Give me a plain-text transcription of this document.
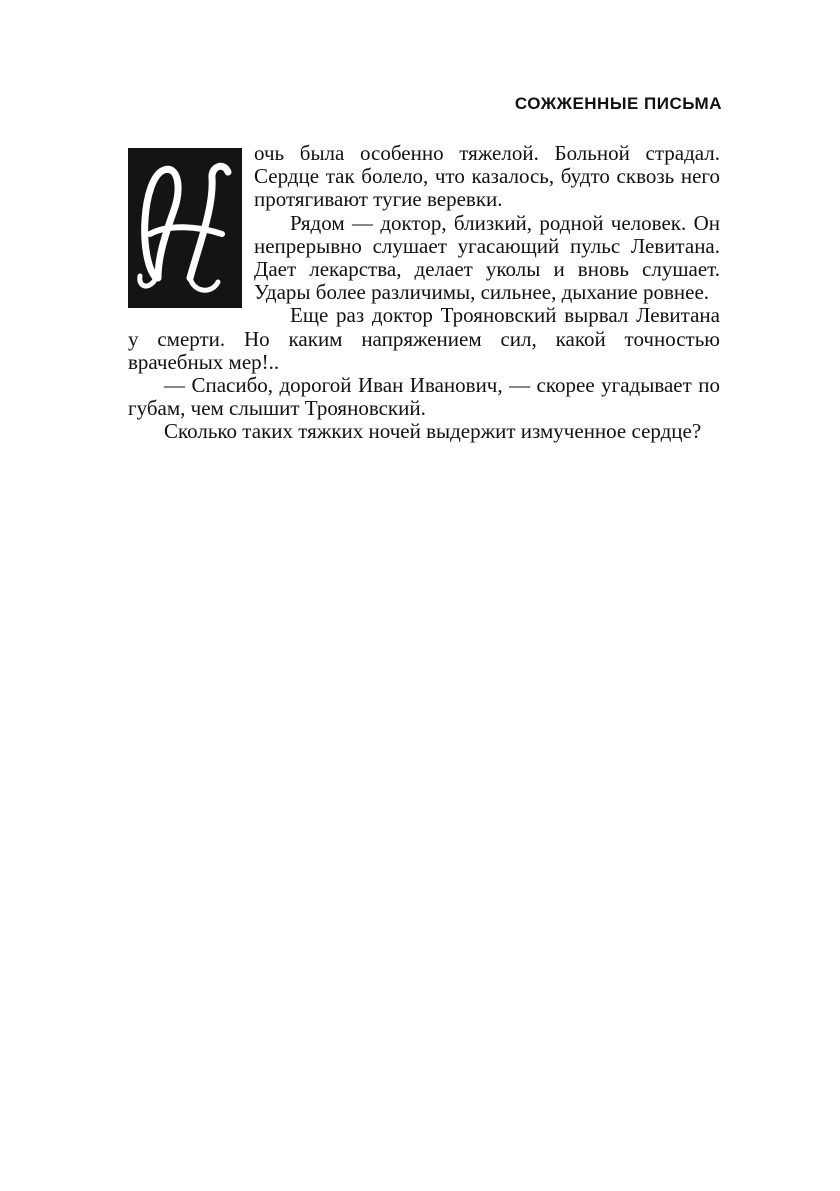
СОЖЖЕННЫЕ ПИСЬМА

очь была особенно тяжелой. Больной страдал. Сердце так болело, что казалось, будто сквозь него протягивают тугие веревки.

Рядом — доктор, близкий, родной человек. Он непрерывно слушает угасающий пульс Левитана. Дает лекарства, делает уколы и вновь слушает. Удары более различимы, сильнее, дыхание ровнее.

Еще раз доктор Трояновский вырвал Левитана у смерти. Но каким напряжением сил, какой точностью врачебных мер!..

— Спасибо, дорогой Иван Иванович, — скорее угадывает по губам, чем слышит Трояновский.

Сколько таких тяжких ночей выдержит измученное сердце?
